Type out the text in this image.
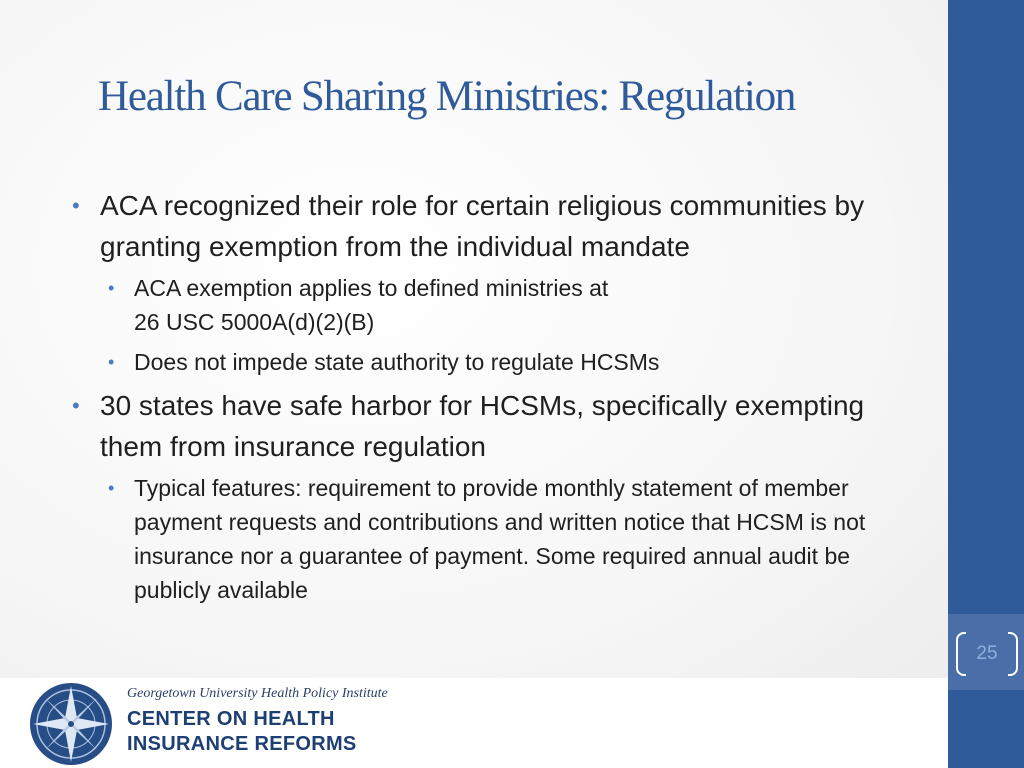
25
Health Care Sharing Ministries: Regulation
• ACA recognized their role for certain religious communities by granting exemption from the individual mandate
• ACA exemption applies to defined ministries at
26 USC 5000A(d)(2)(B)
• Does not impede state authority to regulate HCSMs
• 30 states have safe harbor for HCSMs, specifically exempting them from insurance regulation
• Typical features: requirement to provide monthly statement of member payment requests and contributions and written notice that HCSM is not insurance nor a guarantee of payment. Some required annual audit be publicly available
Georgetown University Health Policy Institute
CENTER ON HEALTH
INSURANCE REFORMS
